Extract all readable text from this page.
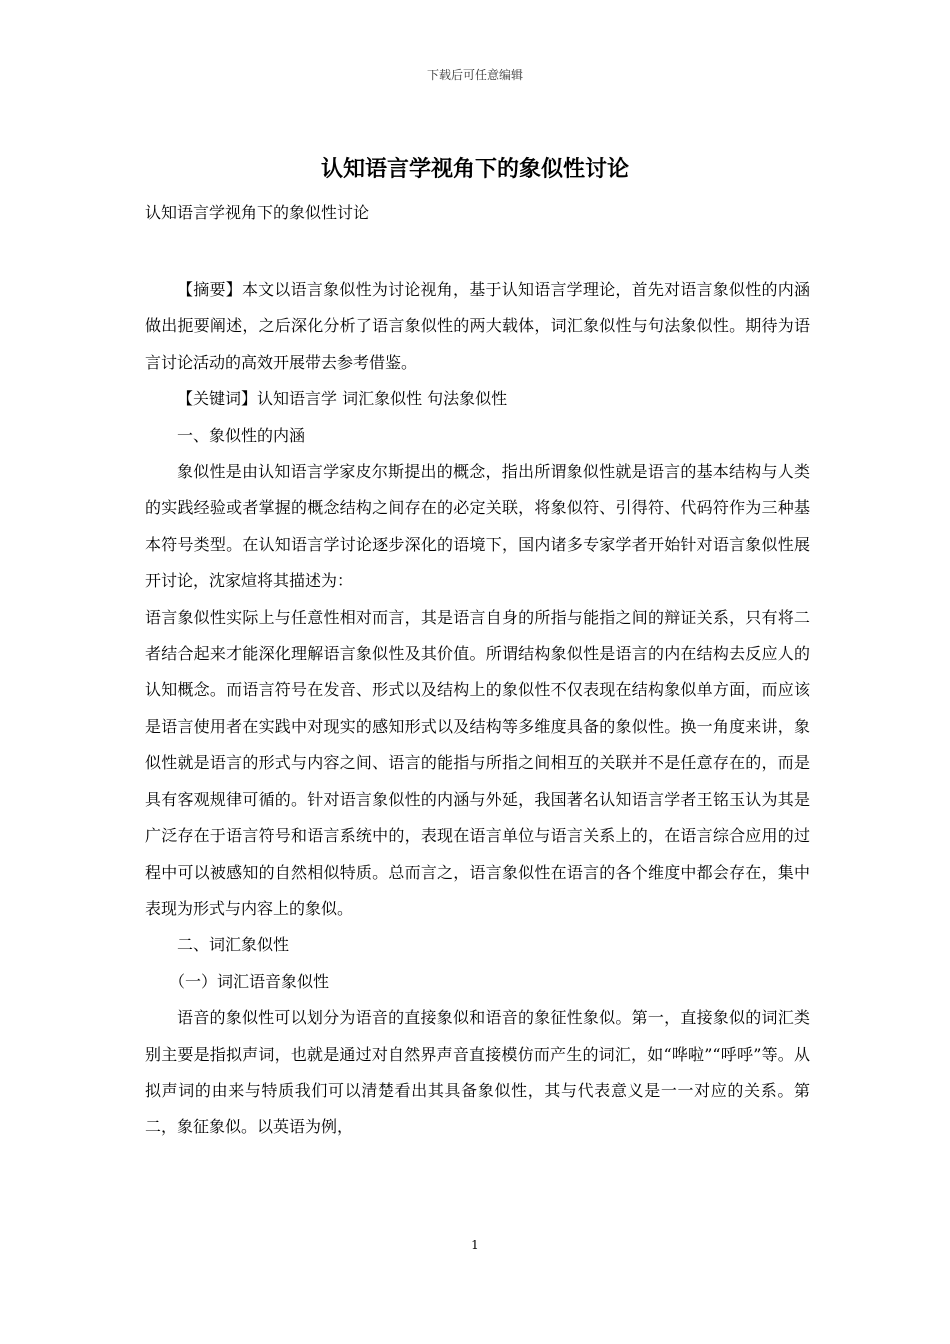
下载后可任意编辑
认知语言学视角下的象似性讨论
认知语言学视角下的象似性讨论

【摘要】本文以语言象似性为讨论视角，基于认知语言学理论，首先对语言象似性的内涵做出扼要阐述，之后深化分析了语言象似性的两大载体，词汇象似性与句法象似性。期待为语言讨论活动的高效开展带去参考借鉴。

【关键词】认知语言学 词汇象似性 句法象似性

一、象似性的内涵

象似性是由认知语言学家皮尔斯提出的概念，指出所谓象似性就是语言的基本结构与人类的实践经验或者掌握的概念结构之间存在的必定关联，将象似符、引得符、代码符作为三种基本符号类型。在认知语言学讨论逐步深化的语境下，国内诸多专家学者开始针对语言象似性展开讨论，沈家煊将其描述为：

语言象似性实际上与任意性相对而言，其是语言自身的所指与能指之间的辩证关系，只有将二者结合起来才能深化理解语言象似性及其价值。所谓结构象似性是语言的内在结构去反应人的认知概念。而语言符号在发音、形式以及结构上的象似性不仅表现在结构象似单方面，而应该是语言使用者在实践中对现实的感知形式以及结构等多维度具备的象似性。换一角度来讲，象似性就是语言的形式与内容之间、语言的能指与所指之间相互的关联并不是任意存在的，而是具有客观规律可循的。针对语言象似性的内涵与外延，我国著名认知语言学者王铭玉认为其是广泛存在于语言符号和语言系统中的，表现在语言单位与语言关系上的，在语言综合应用的过程中可以被感知的自然相似特质。总而言之，语言象似性在语言的各个维度中都会存在，集中表现为形式与内容上的象似。

二、词汇象似性

（一）词汇语音象似性

语音的象似性可以划分为语音的直接象似和语音的象征性象似。第一，直接象似的词汇类别主要是指拟声词，也就是通过对自然界声音直接模仿而产生的词汇，如“哗啦”“呼呼”等。从拟声词的由来与特质我们可以清楚看出其具备象似性，其与代表意义是一一对应的关系。第二，象征象似。以英语为例，

1
